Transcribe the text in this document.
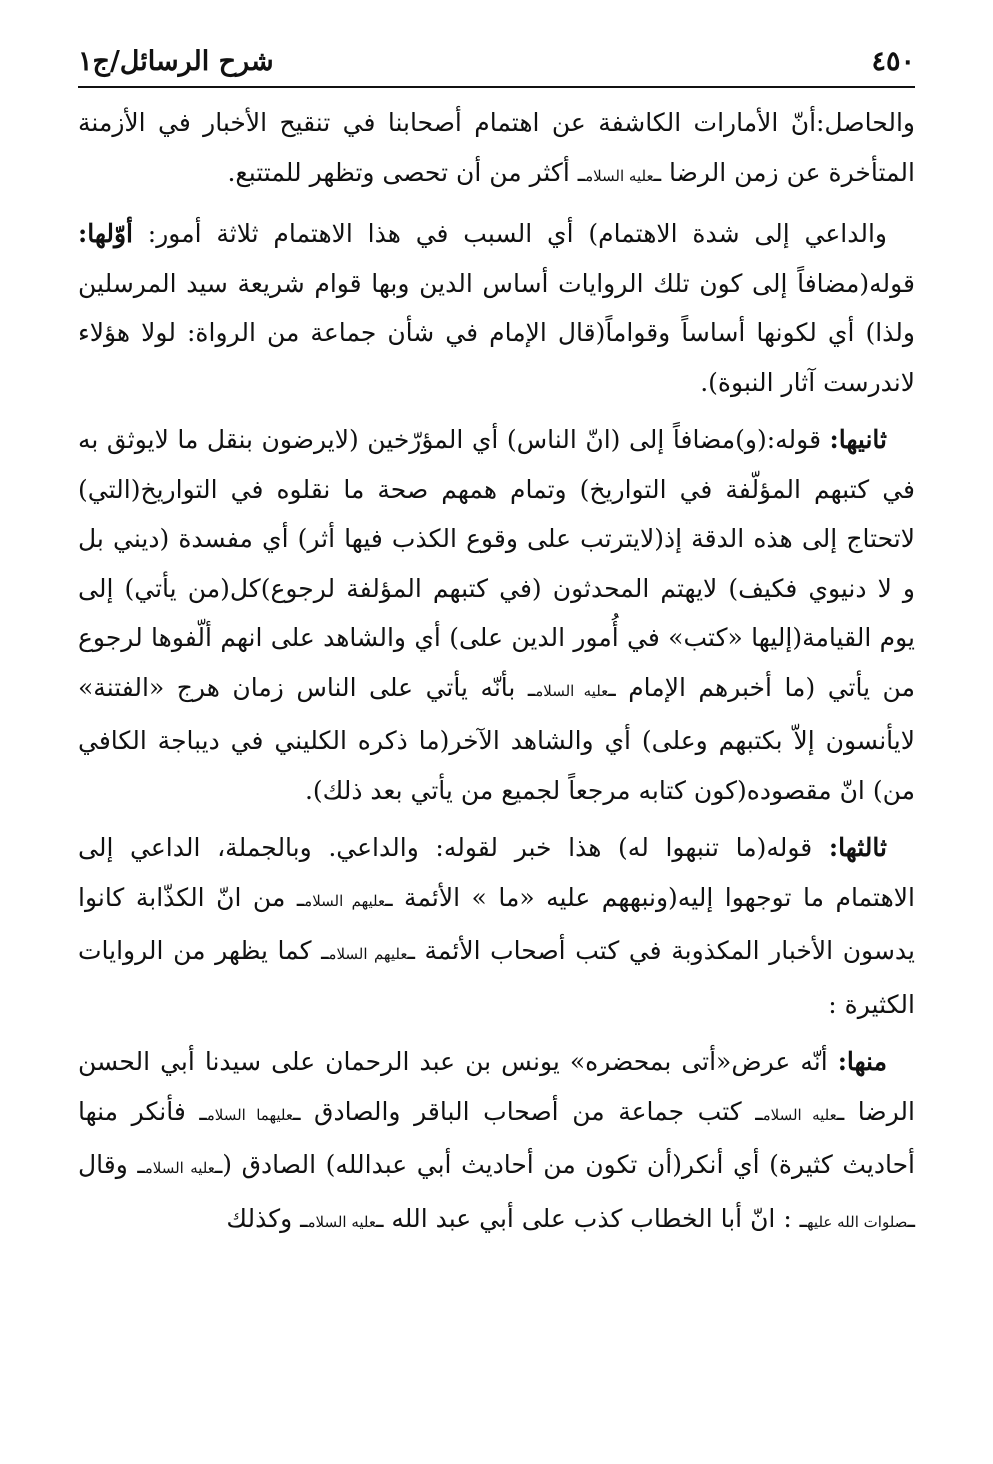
٤٥٠
شرح الرسائل/ج١

والحاصل:أنّ الأمارات الكاشفة عن اهتمام أصحابنا في تنقيح الأخبار في الأزمنة المتأخرة عن زمن الرضا ـعليه السلامـ أكثر من أن تحصى وتظهر للمتتبع.

والداعي إلى شدة الاهتمام) أي السبب في هذا الاهتمام ثلاثة أمور: أوّلها: قوله(مضافاً إلى كون تلك الروايات أساس الدين وبها قوام شريعة سيد المرسلين ولذا) أي لكونها أساساً وقواماً(قال الإمام في شأن جماعة من الرواة: لولا هؤلاء لاندرست آثار النبوة).

ثانيها: قوله:(و)مضافاً إلى (انّ الناس) أي المؤرّخين (لايرضون بنقل ما لايوثق به في كتبهم المؤلّفة في التواريخ) وتمام همهم صحة ما نقلوه في التواريخ(التي) لاتحتاج إلى هذه الدقة إذ(لايترتب على وقوع الكذب فيها أثر) أي مفسدة (ديني بل و لا دنيوي فكيف) لايهتم المحدثون (في كتبهم المؤلفة لرجوع)كل(من يأتي) إلى يوم القيامة(إليها «كتب» في أُمور الدين على) أي والشاهد على انهم ألّفوها لرجوع من يأتي (ما أخبرهم الإمام ـعليه السلامـ بأنّه يأتي على الناس زمان هرج «الفتنة» لايأنسون إلاّ بكتبهم وعلى) أي والشاهد الآخر(ما ذكره الكليني في ديباجة الكافي من) انّ مقصوده(كون كتابه مرجعاً لجميع من يأتي بعد ذلك).

ثالثها: قوله(ما تنبهوا له) هذا خبر لقوله: والداعي. وبالجملة، الداعي إلى الاهتمام ما توجهوا إليه(ونبههم عليه «ما » الأئمة ـعليهم السلامـ من انّ الكذّابة كانوا يدسون الأخبار المكذوبة في كتب أصحاب الأئمة ـعليهم السلامـ كما يظهر من الروايات الكثيرة :

منها: أنّه عرض«أتى بمحضره» يونس بن عبد الرحمان على سيدنا أبي الحسن الرضا ـعليه السلامـ كتب جماعة من أصحاب الباقر والصادق ـعليهما السلامـ فأنكر منها أحاديث كثيرة) أي أنكر(أن تكون من أحاديث أبي عبدالله) الصادق (ـعليه السلامـ وقال ـصلوات الله عليهـ : انّ أبا الخطاب كذب على أبي عبد الله ـعليه السلامـ وكذلك
